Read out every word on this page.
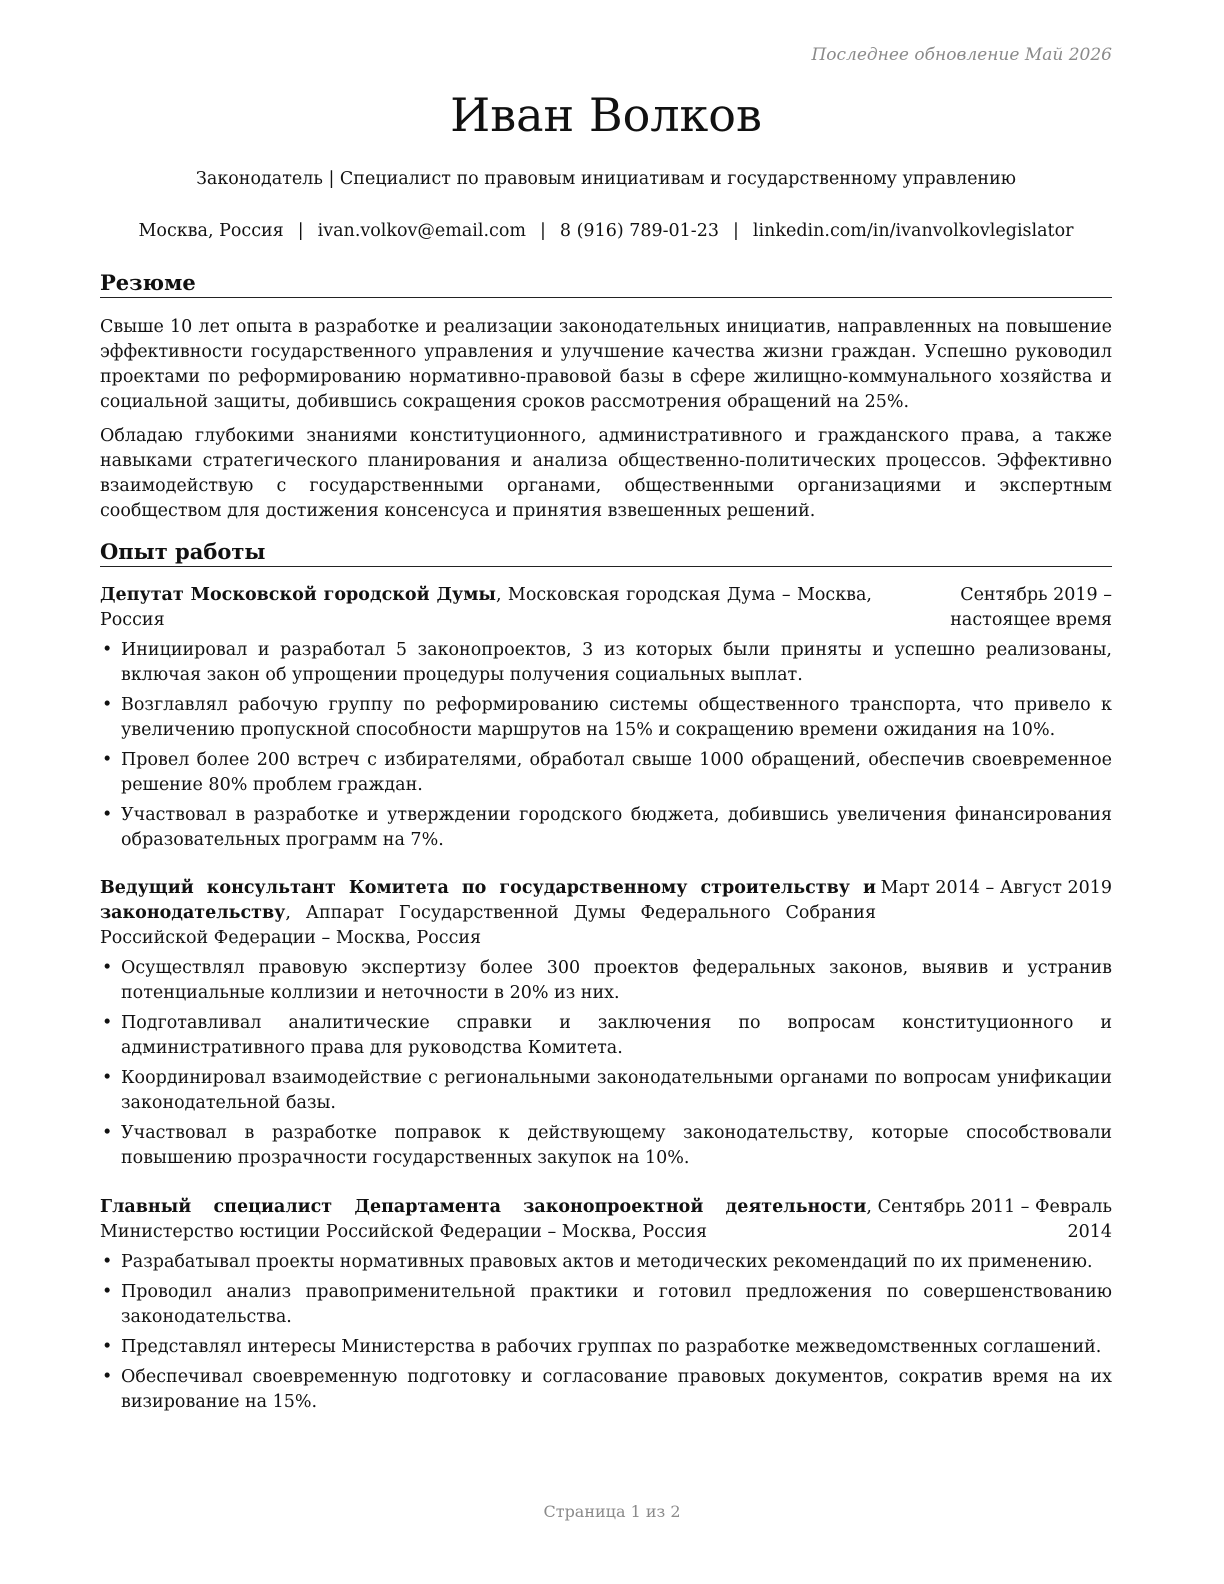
Последнее обновление Май 2026
Иван Волков
Законодатель | Специалист по правовым инициативам и государственному управлению
Москва, Россия | ivan.volkov@email.com | 8 (916) 789-01-23 | linkedin.com/in/ivanvolkovlegislator
Резюме

Свыше 10 лет опыта в разработке и реализации законодательных инициатив, направленных на повышение эффективности государственного управления и улучшение качества жизни граждан. Успешно руководил проектами по реформированию нормативно-правовой базы в сфере жилищно-коммунального хозяйства и социальной защиты, добившись сокращения сроков рассмотрения обращений на 25%.

Обладаю глубокими знаниями конституционного, административного и гражданского права, а также навыками стратегического планирования и анализа общественно-политических процессов. Эффективно взаимодействую с государственными органами, общественными организациями и экспертным сообществом для достижения консенсуса и принятия взвешенных решений.

Опыт работы
Депутат Московской городской Думы, Московская городская Дума – Москва, Россия
Сентябрь 2019 – настоящее время
• Инициировал и разработал 5 законопроектов, 3 из которых были приняты и успешно реализованы, включая закон об упрощении процедуры получения социальных выплат.
• Возглавлял рабочую группу по реформированию системы общественного транспорта, что привело к увеличению пропускной способности маршрутов на 15% и сокращению времени ожидания на 10%.
• Провел более 200 встреч с избирателями, обработал свыше 1000 обращений, обеспечив своевременное решение 80% проблем граждан.
• Участвовал в разработке и утверждении городского бюджета, добившись увеличения финансирования образовательных программ на 7%.
Ведущий консультант Комитета по государственному строительству и законодательству, Аппарат Государственной Думы Федерального Собрания Российской Федерации – Москва, Россия
Март 2014 – Август 2019
• Осуществлял правовую экспертизу более 300 проектов федеральных законов, выявив и устранив потенциальные коллизии и неточности в 20% из них.
• Подготавливал аналитические справки и заключения по вопросам конституционного и административного права для руководства Комитета.
• Координировал взаимодействие с региональными законодательными органами по вопросам унификации законодательной базы.
• Участвовал в разработке поправок к действующему законодательству, которые способствовали повышению прозрачности государственных закупок на 10%.
Главный специалист Департамента законопроектной деятельности, Министерство юстиции Российской Федерации – Москва, Россия
Сентябрь 2011 – Февраль 2014
• Разрабатывал проекты нормативных правовых актов и методических рекомендаций по их применению.
• Проводил анализ правоприменительной практики и готовил предложения по совершенствованию законодательства.
• Представлял интересы Министерства в рабочих группах по разработке межведомственных соглашений.
• Обеспечивал своевременную подготовку и согласование правовых документов, сократив время на их визирование на 15%.
Страница 1 из 2
